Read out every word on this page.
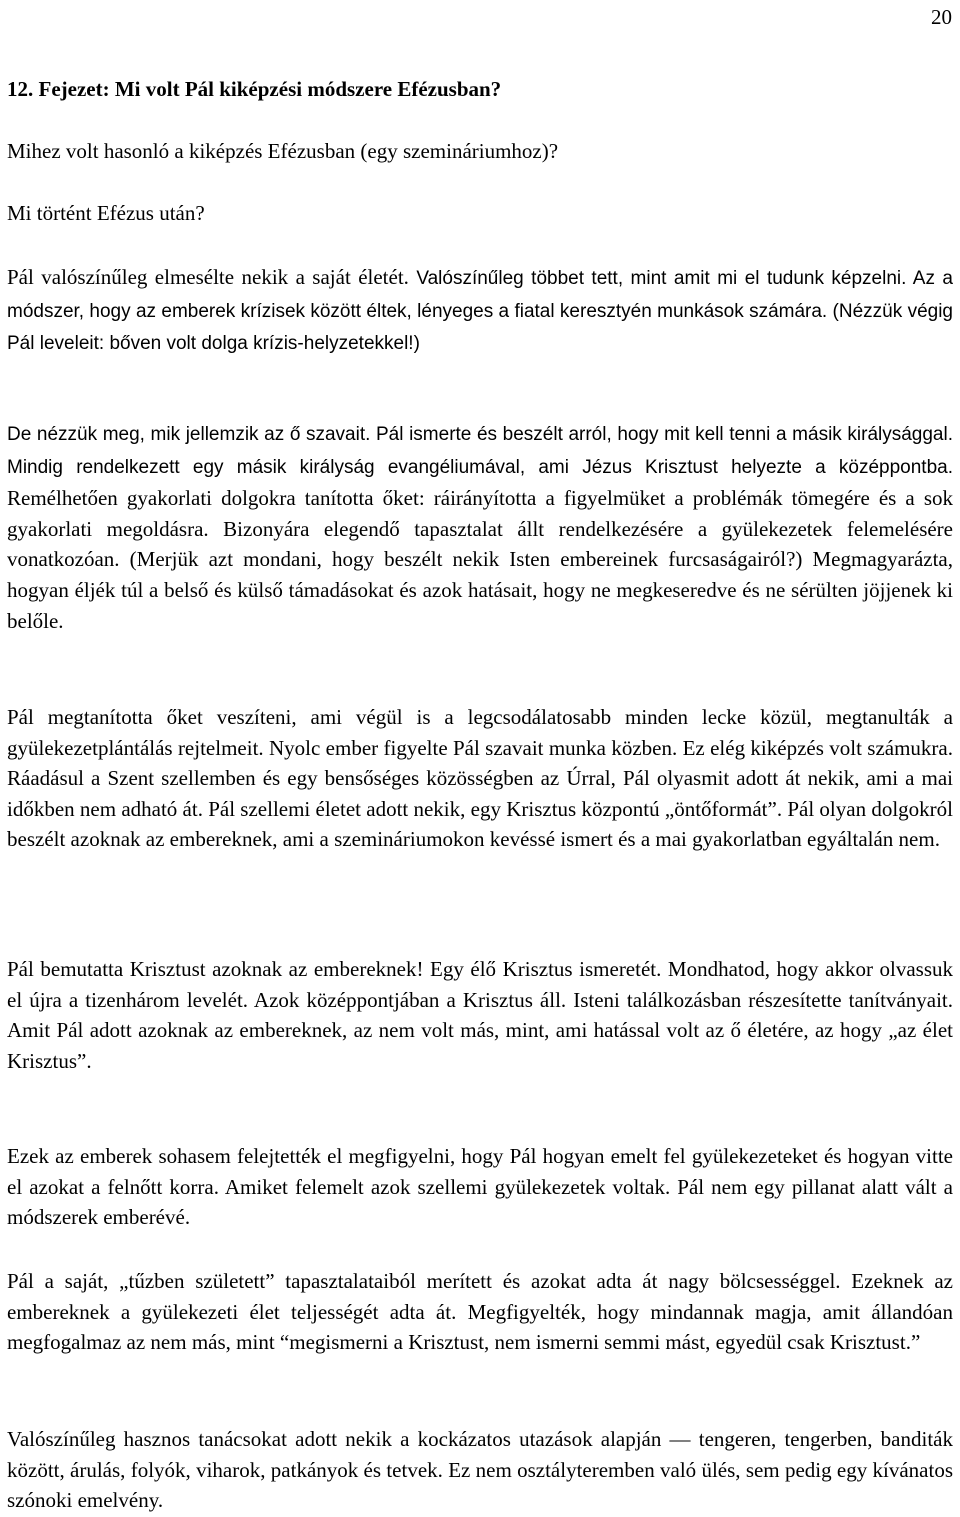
20
12. Fejezet: Mi volt Pál kiképzési módszere Efézusban?
Mihez volt hasonló a kiképzés Efézusban (egy szemináriumhoz)?
Mi történt Efézus után?

Pál valószínűleg elmesélte nekik a saját életét. Valószínűleg többet tett, mint amit mi el tudunk képzelni. Az a módszer, hogy az emberek krízisek között éltek, lényeges a fiatal keresztyén munkások számára. (Nézzük végig Pál leveleit: bőven volt dolga krízis-helyzetekkel!)

De nézzük meg, mik jellemzik az ő szavait. Pál ismerte és beszélt arról, hogy mit kell tenni a másik királysággal. Mindig rendelkezett egy másik királyság evangéliumával, ami Jézus Krisztust helyezte a középpontba. Remélhetően gyakorlati dolgokra tanította őket: ráirányította a figyelmüket a problémák tömegére és a sok gyakorlati megoldásra. Bizonyára elegendő tapasztalat állt rendelkezésére a gyülekezetek felemelésére vonatkozóan. (Merjük azt mondani, hogy beszélt nekik Isten embereinek furcsaságairól?) Megmagyarázta, hogyan éljék túl a belső és külső támadásokat és azok hatásait, hogy ne megkeseredve és ne sérülten jöjjenek ki belőle.

Pál megtanította őket veszíteni, ami végül is a legcsodálatosabb minden lecke közül, megtanulták a gyülekezetplántálás rejtelmeit. Nyolc ember figyelte Pál szavait munka közben. Ez elég kiképzés volt számukra. Ráadásul a Szent szellemben és egy bensőséges közösségben az Úrral, Pál olyasmit adott át nekik, ami a mai időkben nem adható át. Pál szellemi életet adott nekik, egy Krisztus központú „öntőformát”. Pál olyan dolgokról beszélt azoknak az embereknek, ami a szemináriumokon kevéssé ismert és a mai gyakorlatban egyáltalán nem.

Pál bemutatta Krisztust azoknak az embereknek! Egy élő Krisztus ismeretét. Mondhatod, hogy akkor olvassuk el újra a tizenhárom levelét. Azok középpontjában a Krisztus áll. Isteni találkozásban részesítette tanítványait. Amit Pál adott azoknak az embereknek, az nem volt más, mint, ami hatással volt az ő életére, az hogy „az élet Krisztus”.

Ezek az emberek sohasem felejtették el megfigyelni, hogy Pál hogyan emelt fel gyülekezeteket és hogyan vitte el azokat a felnőtt korra. Amiket felemelt azok szellemi gyülekezetek voltak. Pál nem egy pillanat alatt vált a módszerek emberévé.

Pál a saját, „tűzben született” tapasztalataiból merített és azokat adta át nagy bölcsességgel. Ezeknek az embereknek a gyülekezeti élet teljességét adta át. Megfigyelték, hogy mindannak magja, amit állandóan megfogalmaz az nem más, mint “megismerni a Krisztust, nem ismerni semmi mást, egyedül csak Krisztust.”

Valószínűleg hasznos tanácsokat adott nekik a kockázatos utazások alapján — tengeren, tengerben, banditák között, árulás, folyók, viharok, patkányok és tetvek. Ez nem osztályteremben való ülés, sem pedig egy kívánatos szónoki emelvény.
